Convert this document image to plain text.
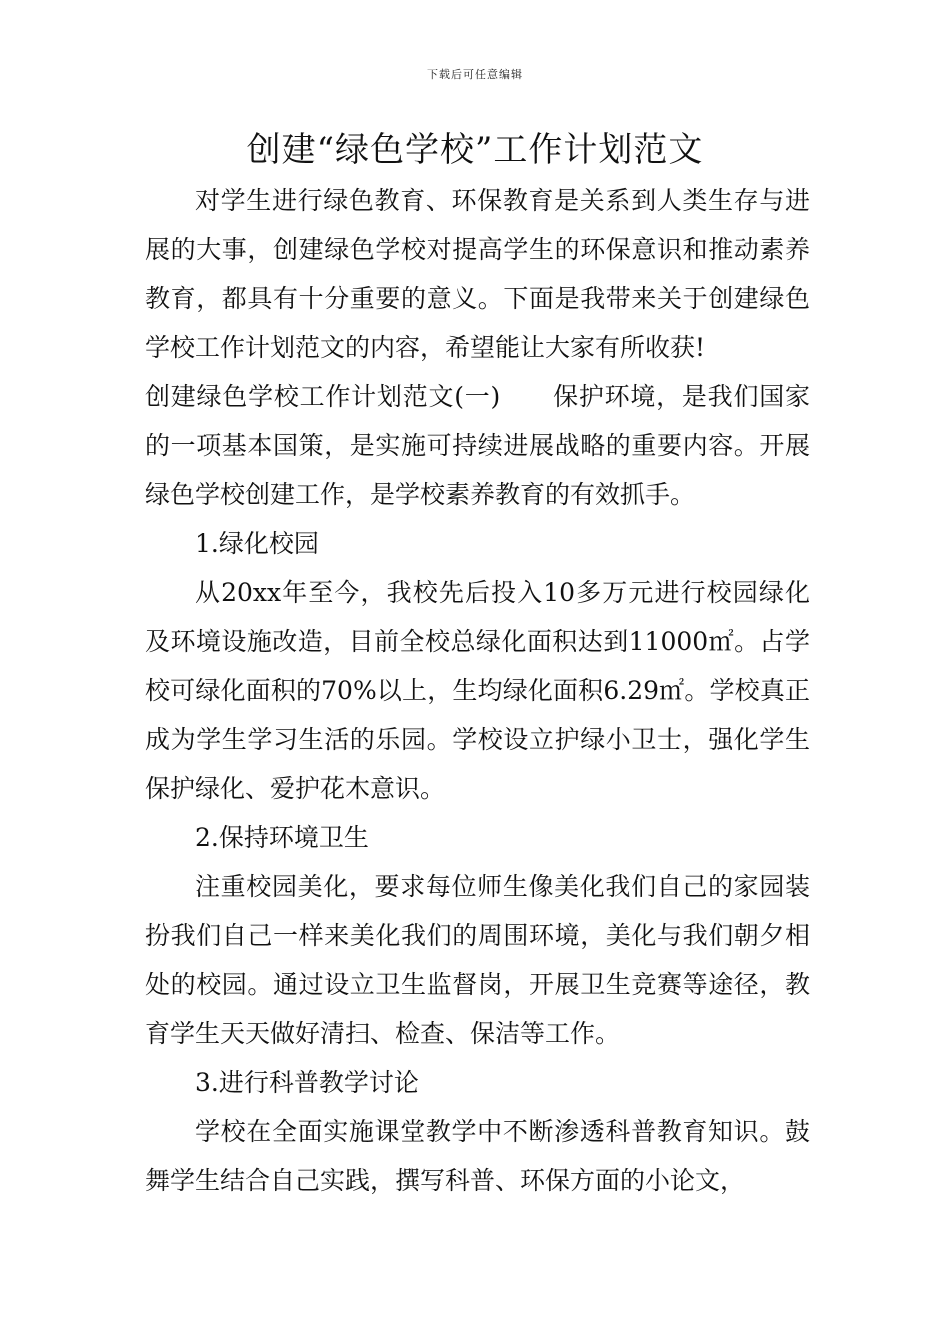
下载后可任意编辑
创建“绿色学校”工作计划范文

对学生进行绿色教育、环保教育是关系到人类生存与进展的大事，创建绿色学校对提高学生的环保意识和推动素养教育，都具有十分重要的意义。下面是我带来关于创建绿色学校工作计划范文的内容，希望能让大家有所收获!

创建绿色学校工作计划范文(一) 保护环境，是我们国家的一项基本国策，是实施可持续进展战略的重要内容。开展绿色学校创建工作，是学校素养教育的有效抓手。

1.绿化校园

从20xx年至今，我校先后投入10多万元进行校园绿化及环境设施改造，目前全校总绿化面积达到11000㎡。占学校可绿化面积的70%以上，生均绿化面积6.29㎡。学校真正成为学生学习生活的乐园。学校设立护绿小卫士，强化学生保护绿化、爱护花木意识。

2.保持环境卫生

注重校园美化，要求每位师生像美化我们自己的家园装扮我们自己一样来美化我们的周围环境，美化与我们朝夕相处的校园。通过设立卫生监督岗，开展卫生竞赛等途径，教育学生天天做好清扫、检查、保洁等工作。

3.进行科普教学讨论

学校在全面实施课堂教学中不断渗透科普教育知识。鼓舞学生结合自己实践，撰写科普、环保方面的小论文，
